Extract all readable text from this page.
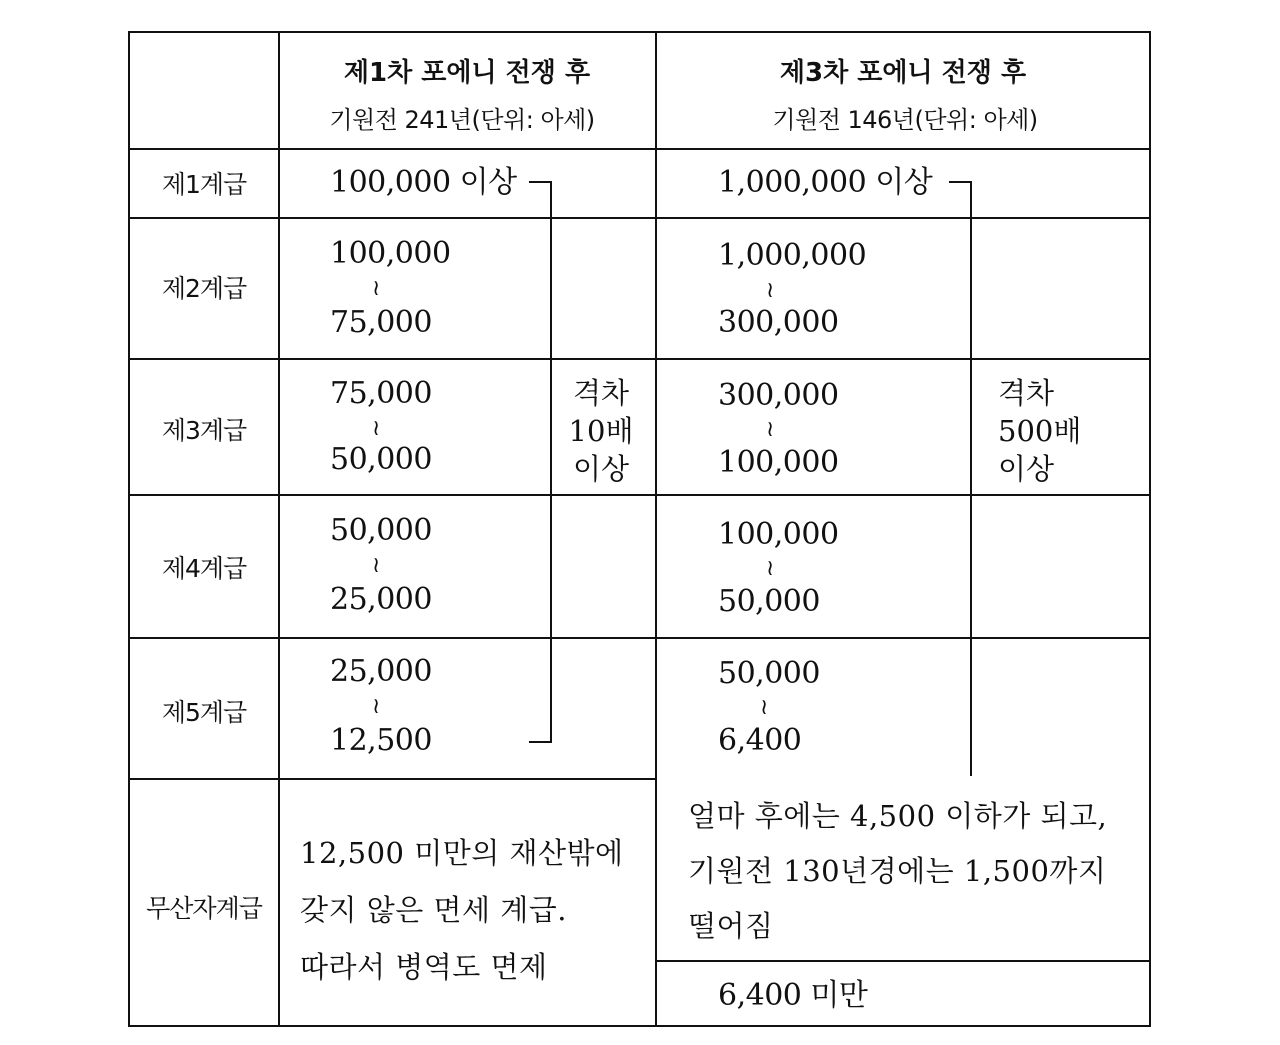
제1차 포에니 전쟁 후
기원전 241년(단위: 아세)
제3차 포에니 전쟁 후
기원전 146년(단위: 아세)
제1계급
제2계급
제3계급
제4계급
제5계급
무산자계급
100,000 이상
100,000
≀
75,000
75,000
≀
50,000
50,000
≀
25,000
25,000
≀
12,500
격차
10배
이상
12,500 미만의 재산밖에
갖지 않은 면세 계급.
따라서 병역도 면제
1,000,000 이상
1,000,000
≀
300,000
300,000
≀
100,000
100,000
≀
50,000
50,000
≀
6,400
격차
500배
이상
얼마 후에는 4,500 이하가 되고,
기원전 130년경에는 1,500까지
떨어짐
6,400 미만
